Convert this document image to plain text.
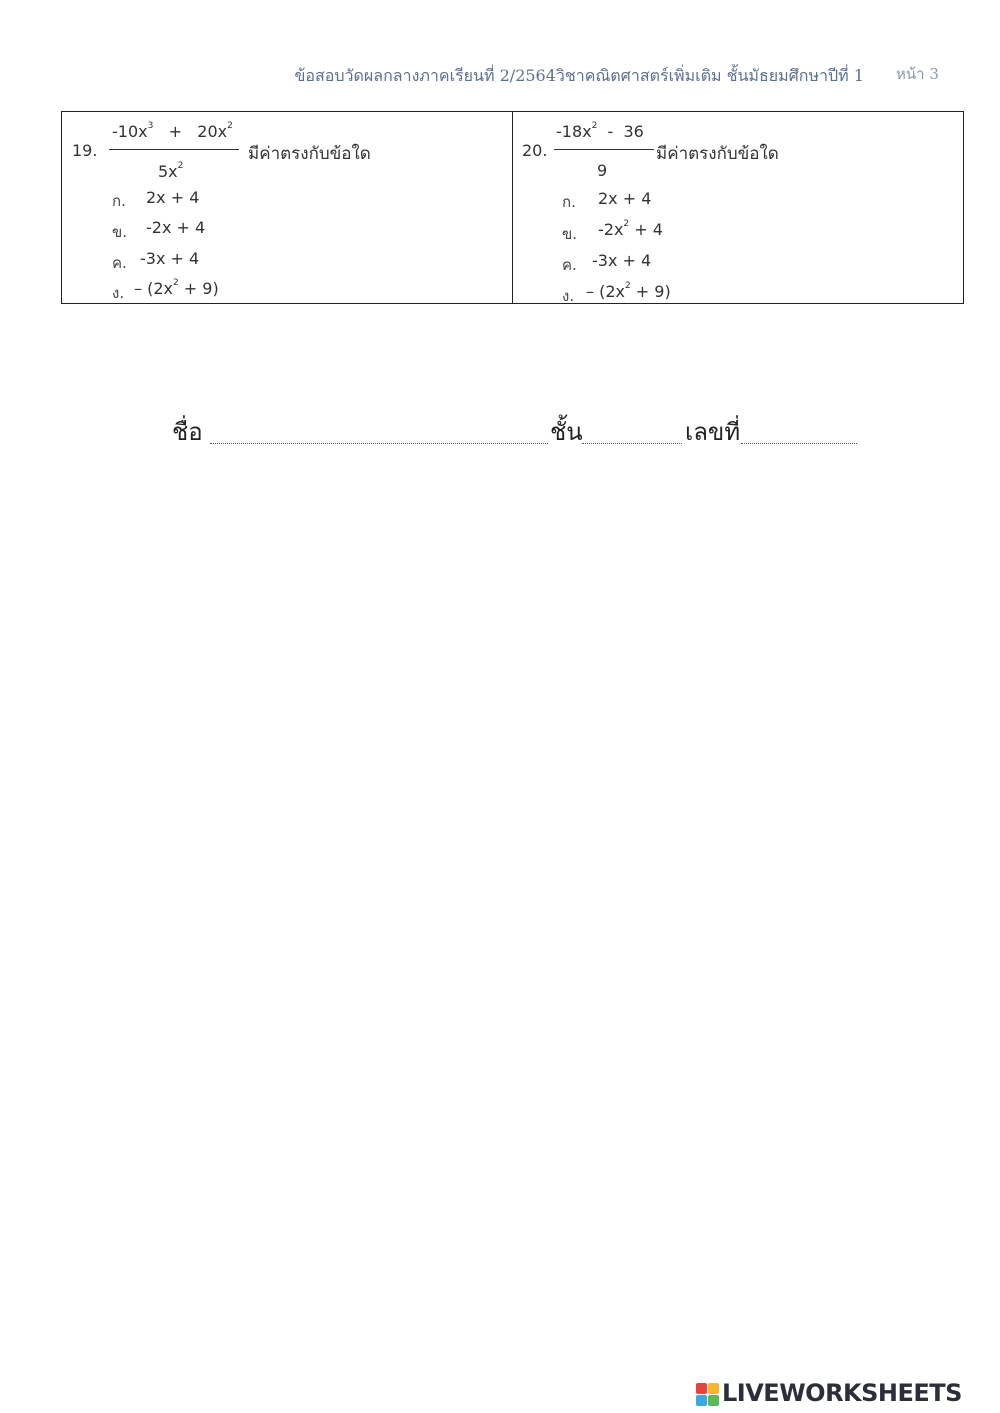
ข้อสอบวัดผลกลางภาคเรียนที่ 2/2564วิชาคณิตศาสตร์เพิ่มเติม ชั้นมัธยมศึกษาปีที่ 1 หน้า 3
19.
$-10x^3 + 20x^2$
$5x^2$
มีค่าตรงกับข้อใด
ก. 2x + 4
ข. -2x + 4
ค. -3x + 4
ง. – $(2x^2 + 9)$
20.
$-18x^2 - 36$
9
มีค่าตรงกับข้อใด
ก. 2x + 4
ข. $-2x^2 + 4$
ค. -3x + 4
ง. – $(2x^2 + 9)$
ชื่อ	ชั้น	เลขที่
LIVEWORKSHEETS
